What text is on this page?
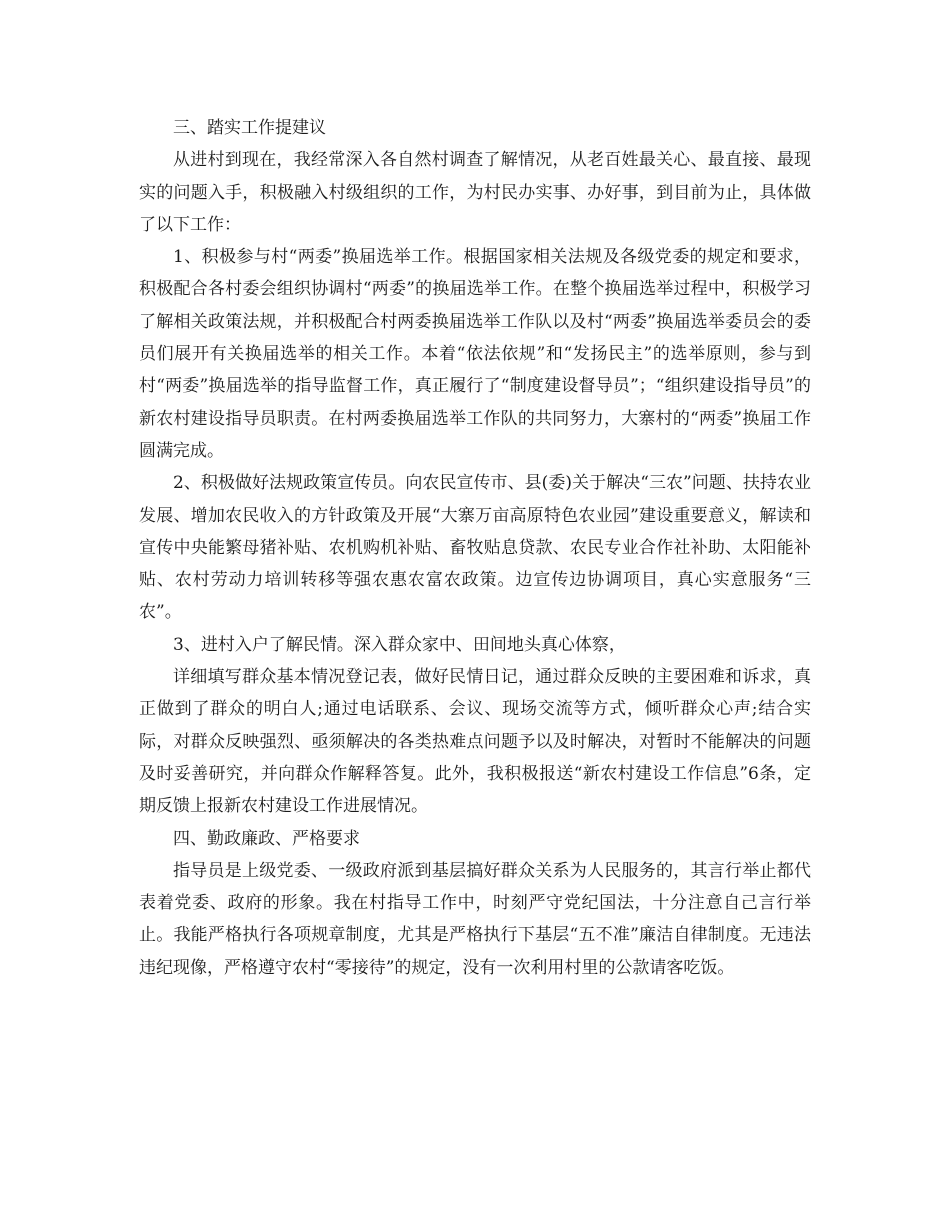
三、踏实工作提建议

从进村到现在，我经常深入各自然村调查了解情况，从老百姓最关心、最直接、最现实的问题入手，积极融入村级组织的工作，为村民办实事、办好事，到目前为止，具体做了以下工作：

1、积极参与村“两委”换届选举工作。根据国家相关法规及各级党委的规定和要求，积极配合各村委会组织协调村“两委”的换届选举工作。在整个换届选举过程中，积极学习了解相关政策法规，并积极配合村两委换届选举工作队以及村“两委”换届选举委员会的委员们展开有关换届选举的相关工作。本着“依法依规”和“发扬民主”的选举原则，参与到村“两委”换届选举的指导监督工作，真正履行了“制度建设督导员”；“组织建设指导员”的新农村建设指导员职责。在村两委换届选举工作队的共同努力，大寨村的“两委”换届工作圆满完成。

2、积极做好法规政策宣传员。向农民宣传市、县(委)关于解决“三农”问题、扶持农业发展、增加农民收入的方针政策及开展“大寨万亩高原特色农业园”建设重要意义，解读和宣传中央能繁母猪补贴、农机购机补贴、畜牧贴息贷款、农民专业合作社补助、太阳能补贴、农村劳动力培训转移等强农惠农富农政策。边宣传边协调项目，真心实意服务“三农”。

3、进村入户了解民情。深入群众家中、田间地头真心体察，

详细填写群众基本情况登记表，做好民情日记，通过群众反映的主要困难和诉求，真正做到了群众的明白人;通过电话联系、会议、现场交流等方式，倾听群众心声;结合实际，对群众反映强烈、亟须解决的各类热难点问题予以及时解决，对暂时不能解决的问题及时妥善研究，并向群众作解释答复。此外，我积极报送“新农村建设工作信息”6条，定期反馈上报新农村建设工作进展情况。

四、勤政廉政、严格要求

指导员是上级党委、一级政府派到基层搞好群众关系为人民服务的，其言行举止都代表着党委、政府的形象。我在村指导工作中，时刻严守党纪国法，十分注意自己言行举止。我能严格执行各项规章制度，尤其是严格执行下基层“五不准”廉洁自律制度。无违法违纪现像，严格遵守农村“零接待”的规定，没有一次利用村里的公款请客吃饭。
